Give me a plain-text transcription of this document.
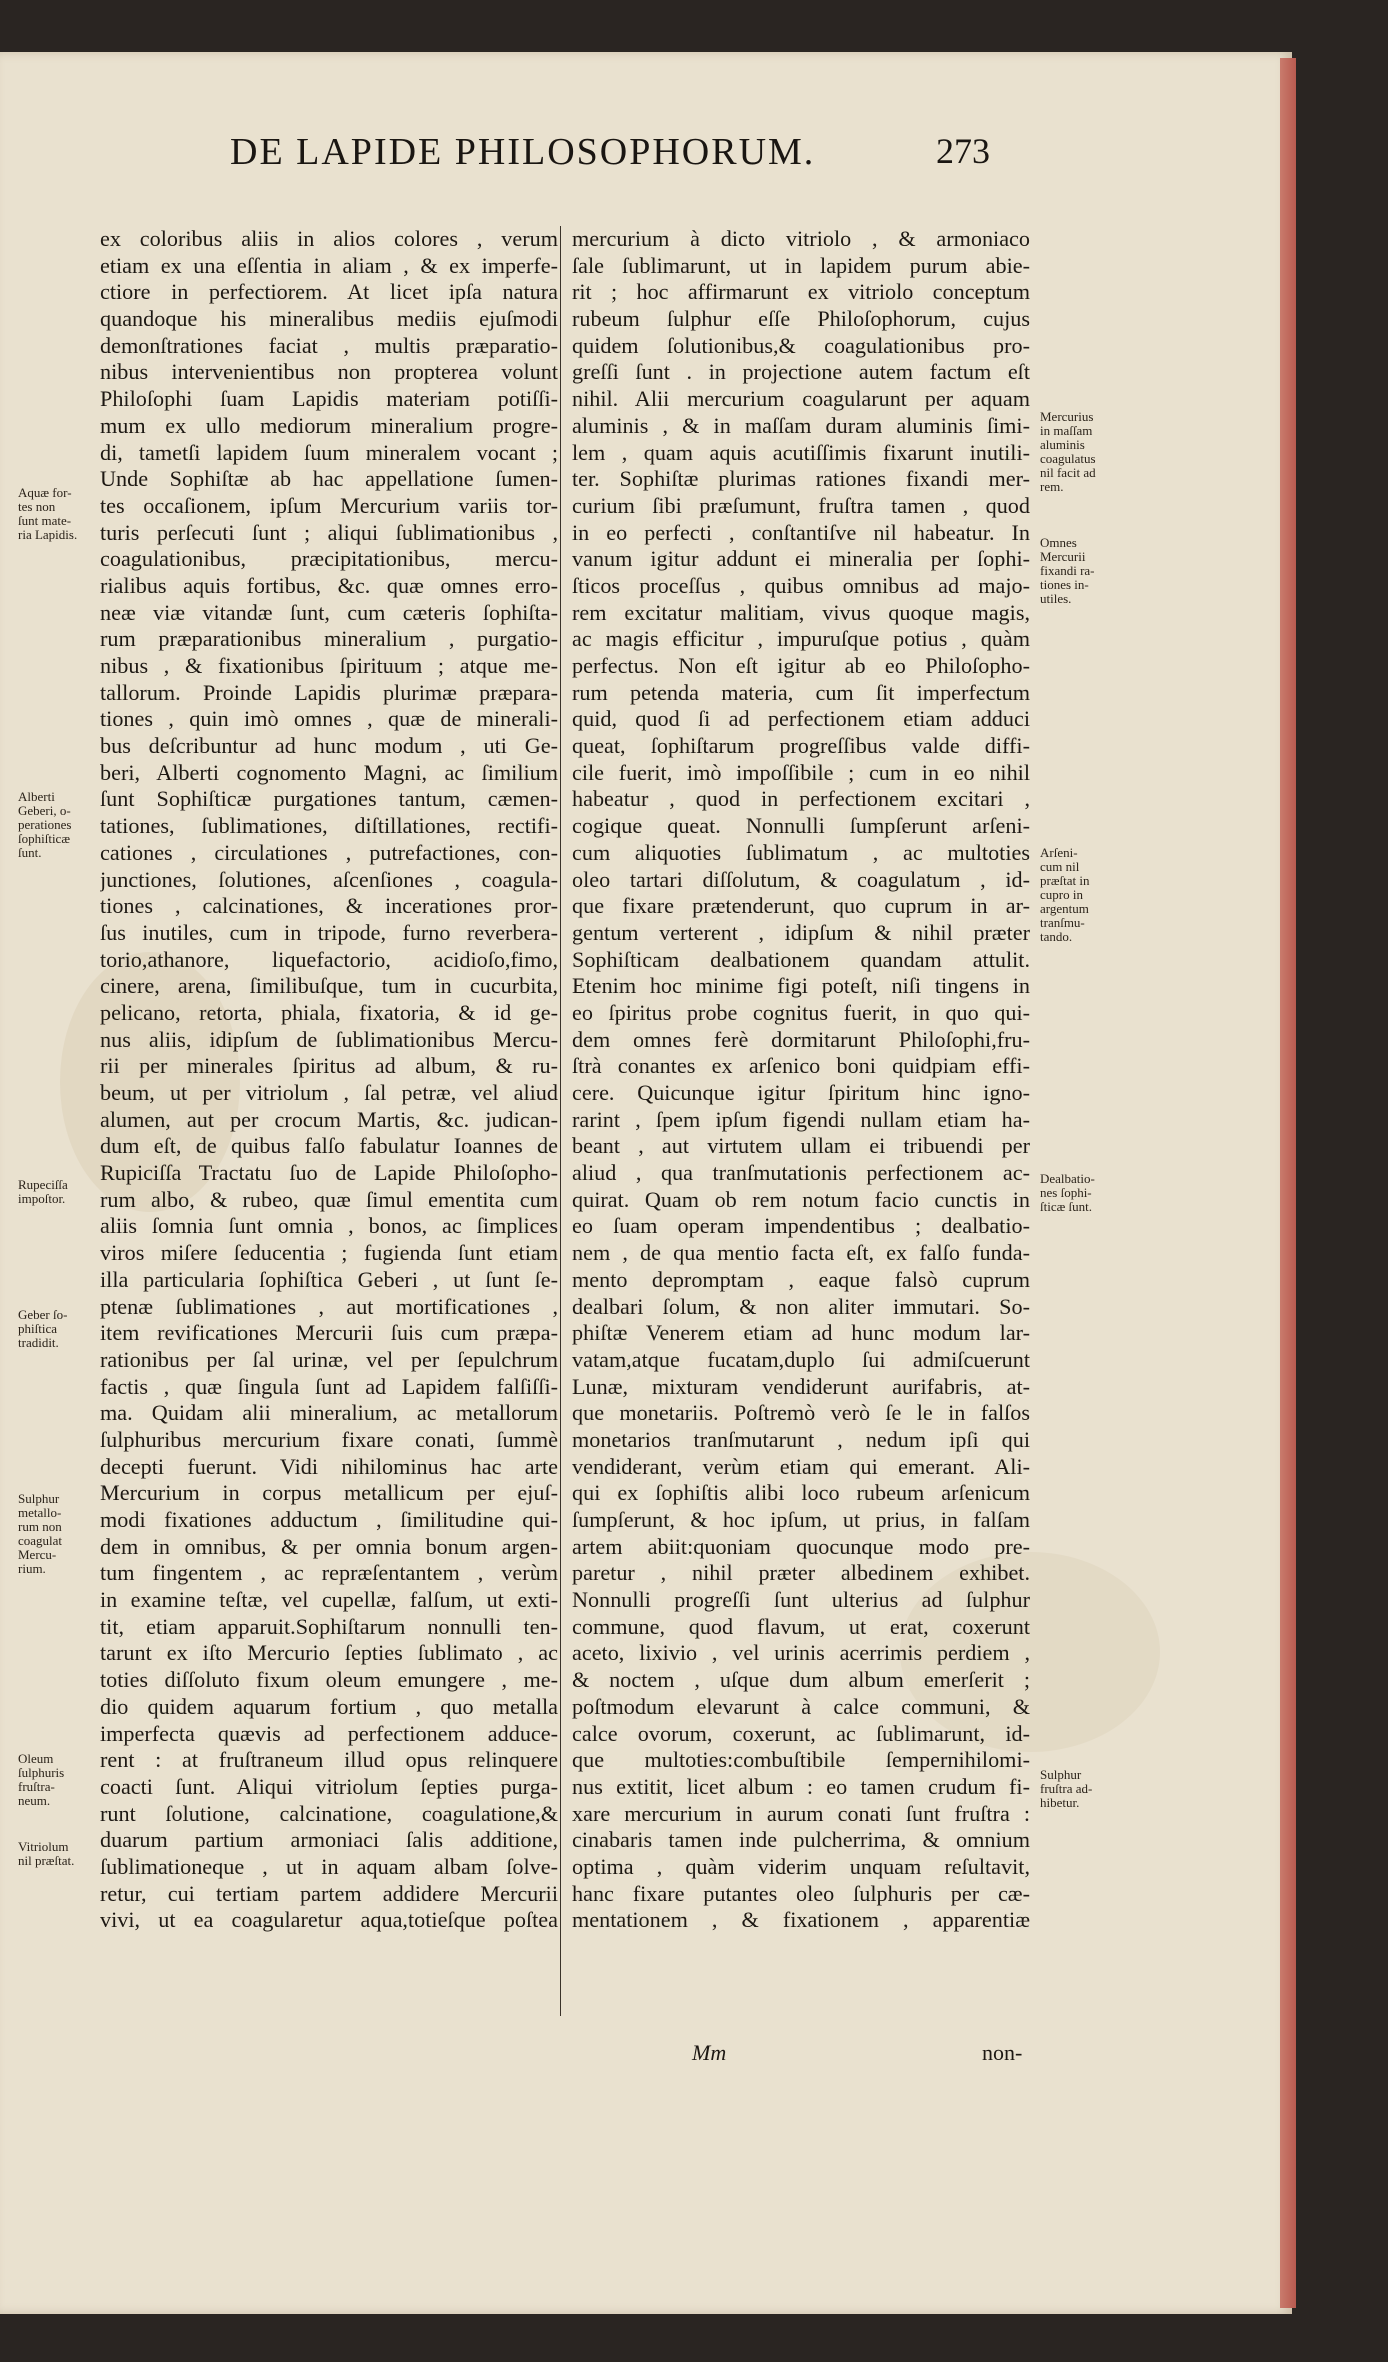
DE LAPIDE PHILOSOPHORUM.	273
ex coloribus aliis in alios colores , verum
etiam ex una eſſentia in aliam , & ex imperfe-
ctiore in perfectiorem. At licet ipſa natura
quandoque his mineralibus mediis ejuſmodi
demonſtrationes faciat , multis præparatio-
nibus intervenientibus non propterea volunt
Philoſophi ſuam Lapidis materiam potiſſi-
mum ex ullo mediorum mineralium progre-
di, tametſi lapidem ſuum mineralem vocant ;
Unde Sophiſtæ ab hac appellatione ſumen-
tes occaſionem, ipſum Mercurium variis tor-
turis perſecuti ſunt ; aliqui ſublimationibus ,
coagulationibus, præcipitationibus, mercu-
rialibus aquis fortibus, &c. quæ omnes erro-
neæ viæ vitandæ ſunt, cum cæteris ſophiſta-
rum præparationibus mineralium , purgatio-
nibus , & fixationibus ſpirituum ; atque me-
tallorum. Proinde Lapidis plurimæ præpara-
tiones , quin imò omnes , quæ de minerali-
bus deſcribuntur ad hunc modum , uti Ge-
beri, Alberti cognomento Magni, ac ſimilium
ſunt Sophiſticæ purgationes tantum, cæmen-
tationes, ſublimationes, diſtillationes, rectifi-
cationes , circulationes , putrefactiones, con-
junctiones, ſolutiones, aſcenſiones , coagula-
tiones , calcinationes, & incerationes pror-
ſus inutiles, cum in tripode, furno reverbera-
torio,athanore, liquefactorio, acidioſo,fimo,
cinere, arena, ſimilibuſque, tum in cucurbita,
pelicano, retorta, phiala, fixatoria, & id ge-
nus aliis, idipſum de ſublimationibus Mercu-
rii per minerales ſpiritus ad album, & ru-
beum, ut per vitriolum , ſal petræ, vel aliud
alumen, aut per crocum Martis, &c. judican-
dum eſt, de quibus falſo fabulatur Ioannes de
Rupiciſſa Tractatu ſuo de Lapide Philoſopho-
rum albo, & rubeo, quæ ſimul ementita cum
aliis ſomnia ſunt omnia , bonos, ac ſimplices
viros miſere ſeducentia ; fugienda ſunt etiam
illa particularia ſophiſtica Geberi , ut ſunt ſe-
ptenæ ſublimationes , aut mortificationes ,
item revificationes Mercurii ſuis cum præpa-
rationibus per ſal urinæ, vel per ſepulchrum
factis , quæ ſingula ſunt ad Lapidem falſiſſi-
ma. Quidam alii mineralium, ac metallorum
ſulphuribus mercurium fixare conati, ſummè
decepti fuerunt. Vidi nihilominus hac arte
Mercurium in corpus metallicum per ejuſ-
modi fixationes adductum , ſimilitudine qui-
dem in omnibus, & per omnia bonum argen-
tum fingentem , ac repræſentantem , verùm
in examine teſtæ, vel cupellæ, falſum, ut exti-
tit, etiam apparuit.Sophiſtarum nonnulli ten-
tarunt ex iſto Mercurio ſepties ſublimato , ac
toties diſſoluto fixum oleum emungere , me-
dio quidem aquarum fortium , quo metalla
imperfecta quævis ad perfectionem adduce-
rent : at fruſtraneum illud opus relinquere
coacti ſunt. Aliqui vitriolum ſepties purga-
runt ſolutione, calcinatione, coagulatione,&
duarum partium armoniaci ſalis additione,
ſublimationeque , ut in aquam albam ſolve-
retur, cui tertiam partem addidere Mercurii
vivi, ut ea coagularetur aqua,totieſque poſtea
mercurium à dicto vitriolo , & armoniaco
ſale ſublimarunt, ut in lapidem purum abie-
rit ; hoc affirmarunt ex vitriolo conceptum
rubeum ſulphur eſſe Philoſophorum, cujus
quidem ſolutionibus,& coagulationibus pro-
greſſi ſunt . in projectione autem factum eſt
nihil. Alii mercurium coagularunt per aquam
aluminis , & in maſſam duram aluminis ſimi-
lem , quam aquis acutiſſimis fixarunt inutili-
ter. Sophiſtæ plurimas rationes fixandi mer-
curium ſibi præſumunt, fruſtra tamen , quod
in eo perfecti , conſtantiſve nil habeatur. In
vanum igitur addunt ei mineralia per ſophi-
ſticos proceſſus , quibus omnibus ad majo-
rem excitatur malitiam, vivus quoque magis,
ac magis efficitur , impuruſque potius , quàm
perfectus. Non eſt igitur ab eo Philoſopho-
rum petenda materia, cum ſit imperfectum
quid, quod ſi ad perfectionem etiam adduci
queat, ſophiſtarum progreſſibus valde diffi-
cile fuerit, imò impoſſibile ; cum in eo nihil
habeatur , quod in perfectionem excitari ,
cogique queat. Nonnulli ſumpſerunt arſeni-
cum aliquoties ſublimatum , ac multoties
oleo tartari diſſolutum, & coagulatum , id-
que fixare prætenderunt, quo cuprum in ar-
gentum verterent , idipſum & nihil præter
Sophiſticam dealbationem quandam attulit.
Etenim hoc minime figi poteſt, niſi tingens in
eo ſpiritus probe cognitus fuerit, in quo qui-
dem omnes ferè dormitarunt Philoſophi,fru-
ſtrà conantes ex arſenico boni quidpiam effi-
cere. Quicunque igitur ſpiritum hinc igno-
rarint , ſpem ipſum figendi nullam etiam ha-
beant , aut virtutem ullam ei tribuendi per
aliud , qua tranſmutationis perfectionem ac-
quirat. Quam ob rem notum facio cunctis in
eo ſuam operam impendentibus ; dealbatio-
nem , de qua mentio facta eſt, ex falſo funda-
mento depromptam , eaque falsò cuprum
dealbari ſolum, & non aliter immutari. So-
phiſtæ Venerem etiam ad hunc modum lar-
vatam,atque fucatam,duplo ſui admiſcuerunt
Lunæ, mixturam vendiderunt aurifabris, at-
que monetariis. Poſtremò verò ſe le in falſos
monetarios tranſmutarunt , nedum ipſi qui
vendiderant, verùm etiam qui emerant. Ali-
qui ex ſophiſtis alibi loco rubeum arſenicum
ſumpſerunt, & hoc ipſum, ut prius, in falſam
artem abiit:quoniam quocunque modo pre-
paretur , nihil præter albedinem exhibet.
Nonnulli progreſſi ſunt ulterius ad ſulphur
commune, quod flavum, ut erat, coxerunt
aceto, lixivio , vel urinis acerrimis perdiem ,
& noctem , uſque dum album emerſerit ;
poſtmodum elevarunt à calce communi, &
calce ovorum, coxerunt, ac ſublimarunt, id-
que multoties:combuſtibile ſempernihilomi-
nus extitit, licet album : eo tamen crudum fi-
xare mercurium in aurum conati ſunt fruſtra :
cinabaris tamen inde pulcherrima, & omnium
optima , quàm viderim unquam reſultavit,
hanc fixare putantes oleo ſulphuris per cæ-
mentationem , & fixationem , apparentiæ
Aquæ for-
tes non
ſunt mate-
ria Lapidis.
Alberti
Geberi, o-
perationes
ſophiſticæ
ſunt.
Rupeciſſa
impoſtor.
Geber ſo-
phiſtica
tradidit.
Sulphur
metallo-
rum non
coagulat
Mercu-
rium.
Oleum
ſulphuris
fruſtra-
neum.
Vitriolum
nil præſtat.
Mercurius
in maſſam
aluminis
coagulatus
nil facit ad
rem.
Omnes
Mercurii
fixandi ra-
tiones in-
utiles.
Arſeni-
cum nil
præſtat in
cupro in
argentum
tranſmu-
tando.
Dealbatio-
nes ſophi-
ſticæ ſunt.
Sulphur
fruſtra ad-
hibetur.
Mm	non-
